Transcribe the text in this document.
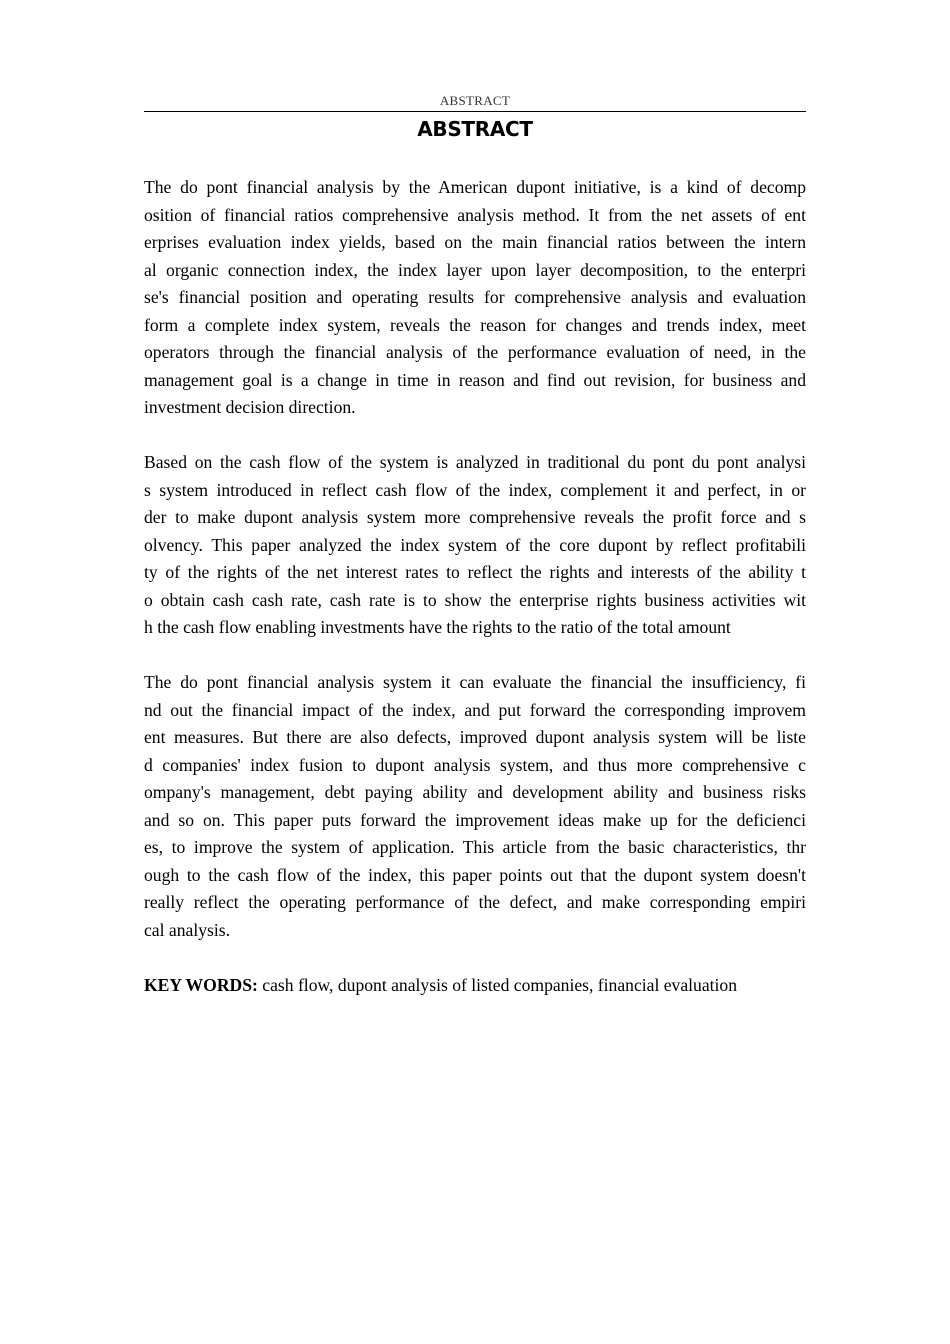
ABSTRACT
ABSTRACT
The do pont financial analysis by the American dupont initiative, is a kind of decomp
osition of financial ratios comprehensive analysis method. It from the net assets of ent
erprises evaluation index yields, based on the main financial ratios between the intern
al organic connection index, the index layer upon layer decomposition, to the enterpri
se's financial position and operating results for comprehensive analysis and evaluation
form a complete index system, reveals the reason for changes and trends index, meet
operators through the financial analysis of the performance evaluation of need, in the
management goal is a change in time in reason and find out revision, for business and
investment decision direction.
Based on the cash flow of the system is analyzed in traditional du pont du pont analysi
s system introduced in reflect cash flow of the index, complement it and perfect, in or
der to make dupont analysis system more comprehensive reveals the profit force and s
olvency. This paper analyzed the index system of the core dupont by reflect profitabili
ty of the rights of the net interest rates to reflect the rights and interests of the ability t
o obtain cash cash rate, cash rate is to show the enterprise rights business activities wit
h the cash flow enabling investments have the rights to the ratio of the total amount
The do pont financial analysis system it can evaluate the financial the insufficiency, fi
nd out the financial impact of the index, and put forward the corresponding improvem
ent measures. But there are also defects, improved dupont analysis system will be liste
d companies' index fusion to dupont analysis system, and thus more comprehensive c
ompany's management, debt paying ability and development ability and business risks
and so on. This paper puts forward the improvement ideas make up for the deficienci
es, to improve the system of application. This article from the basic characteristics, thr
ough to the cash flow of the index, this paper points out that the dupont system doesn't
really reflect the operating performance of the defect, and make corresponding empiri
cal analysis.

KEY WORDS: cash flow, dupont analysis of listed companies, financial evaluation
